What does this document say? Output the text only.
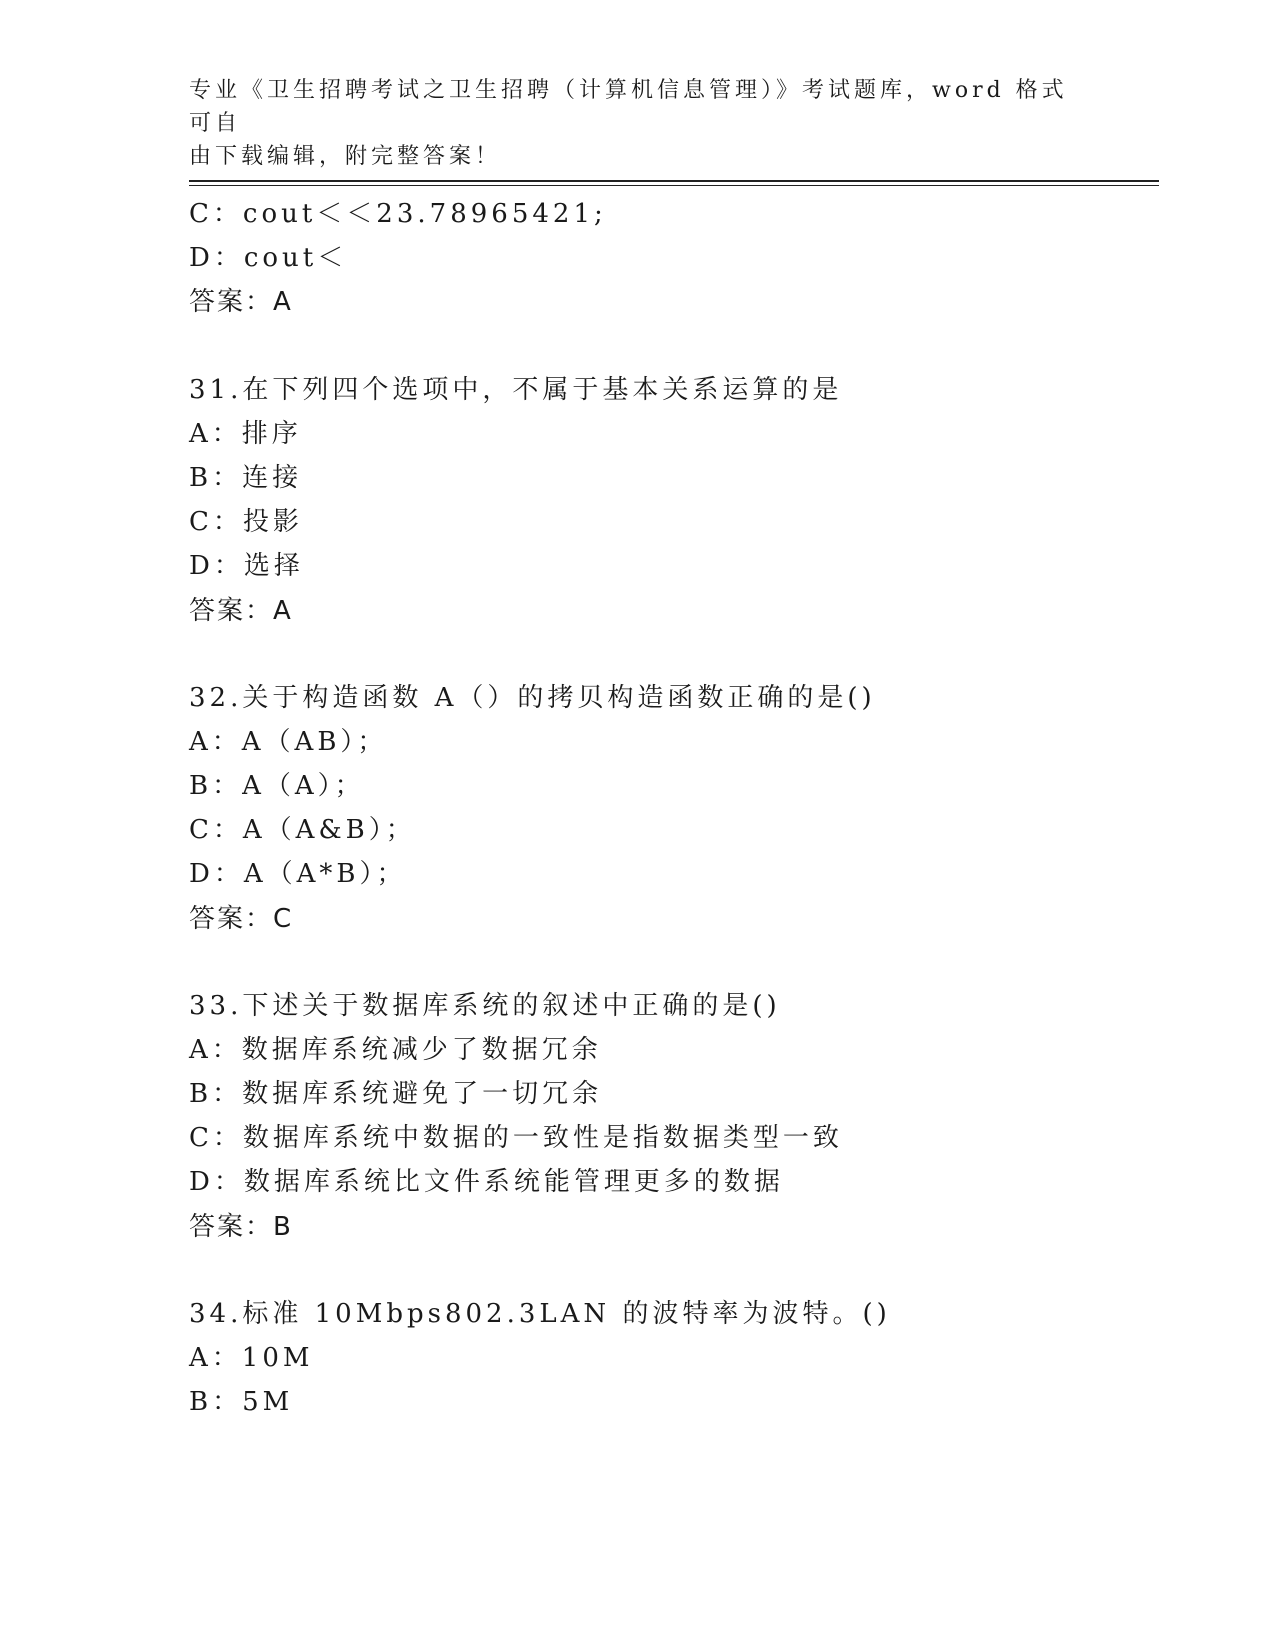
专业《卫生招聘考试之卫生招聘（计算机信息管理）》考试题库，word 格式可自
由下载编辑，附完整答案！
C：cout＜＜23.78965421;
D：cout＜
答案：A
31.在下列四个选项中，不属于基本关系运算的是
A：排序
B：连接
C：投影
D：选择
答案：A
32.关于构造函数 A（）的拷贝构造函数正确的是()
A：A（AB）；
B：A（A）；
C：A（A&B）；
D：A（A*B）；
答案：C
33.下述关于数据库系统的叙述中正确的是()
A：数据库系统减少了数据冗余
B：数据库系统避免了一切冗余
C：数据库系统中数据的一致性是指数据类型一致
D：数据库系统比文件系统能管理更多的数据
答案：B
34.标准 10Mbps802.3LAN 的波特率为波特。()
A：10M
B：5M
